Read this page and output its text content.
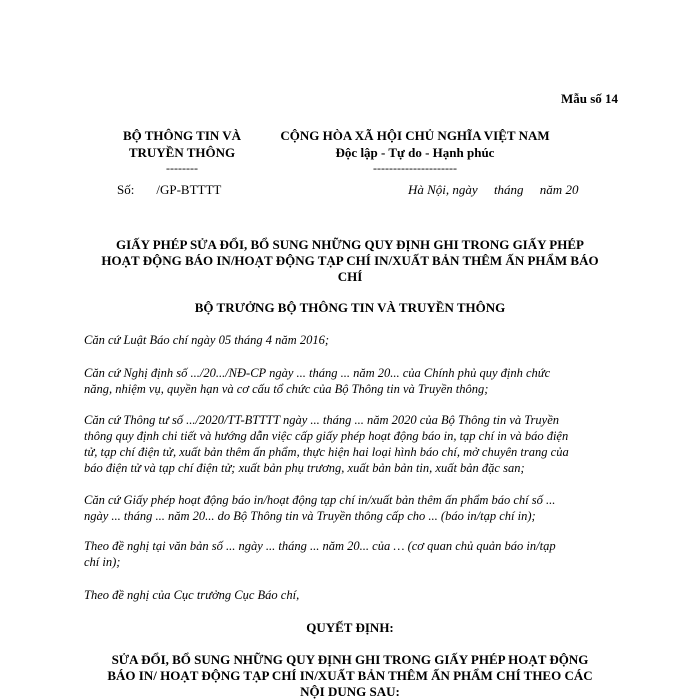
Mẫu số 14
BỘ THÔNG TIN VÀ
TRUYỀN THÔNG
--------
CỘNG HÒA XÃ HỘI CHỦ NGHĨA VIỆT NAM
Độc lập - Tự do - Hạnh phúc
---------------------
Số: /GP-BTTTT	Hà Nội, ngày     tháng     năm 20
GIẤY PHÉP SỬA ĐỔI, BỔ SUNG NHỮNG QUY ĐỊNH GHI TRONG GIẤY PHÉP
HOẠT ĐỘNG BÁO IN/HOẠT ĐỘNG TẠP CHÍ IN/XUẤT BẢN THÊM ẤN PHẨM BÁO
CHÍ
BỘ TRƯỞNG BỘ THÔNG TIN VÀ TRUYỀN THÔNG

Căn cứ Luật Báo chí ngày 05 tháng 4 năm 2016;

Căn cứ Nghị định số .../20.../NĐ-CP ngày ... tháng ... năm 20... của Chính phủ quy định chức
năng, nhiệm vụ, quyền hạn và cơ cấu tổ chức của Bộ Thông tin và Truyền thông;

Căn cứ Thông tư số .../2020/TT-BTTTT ngày ... tháng ... năm 2020 của Bộ Thông tin và Truyền
thông quy định chi tiết và hướng dẫn việc cấp giấy phép hoạt động báo in, tạp chí in và báo điện
tử, tạp chí điện tử, xuất bản thêm ấn phẩm, thực hiện hai loại hình báo chí, mở chuyên trang của
báo điện tử và tạp chí điện tử; xuất bản phụ trương, xuất bản bản tin, xuất bản đặc san;

Căn cứ Giấy phép hoạt động báo in/hoạt động tạp chí in/xuất bản thêm ấn phẩm báo chí số ...
ngày ... tháng ... năm 20... do Bộ Thông tin và Truyền thông cấp cho ... (báo in/tạp chí in);

Theo đề nghị tại văn bản số ... ngày ... tháng ... năm 20... của … (cơ quan chủ quản báo in/tạp
chí in);

Theo đề nghị của Cục trưởng Cục Báo chí,

QUYẾT ĐỊNH:
SỬA ĐỔI, BỔ SUNG NHỮNG QUY ĐỊNH GHI TRONG GIẤY PHÉP HOẠT ĐỘNG
BÁO IN/ HOẠT ĐỘNG TẠP CHÍ IN/XUẤT BẢN THÊM ẤN PHẨM CHÍ THEO CÁC
NỘI DUNG SAU:
